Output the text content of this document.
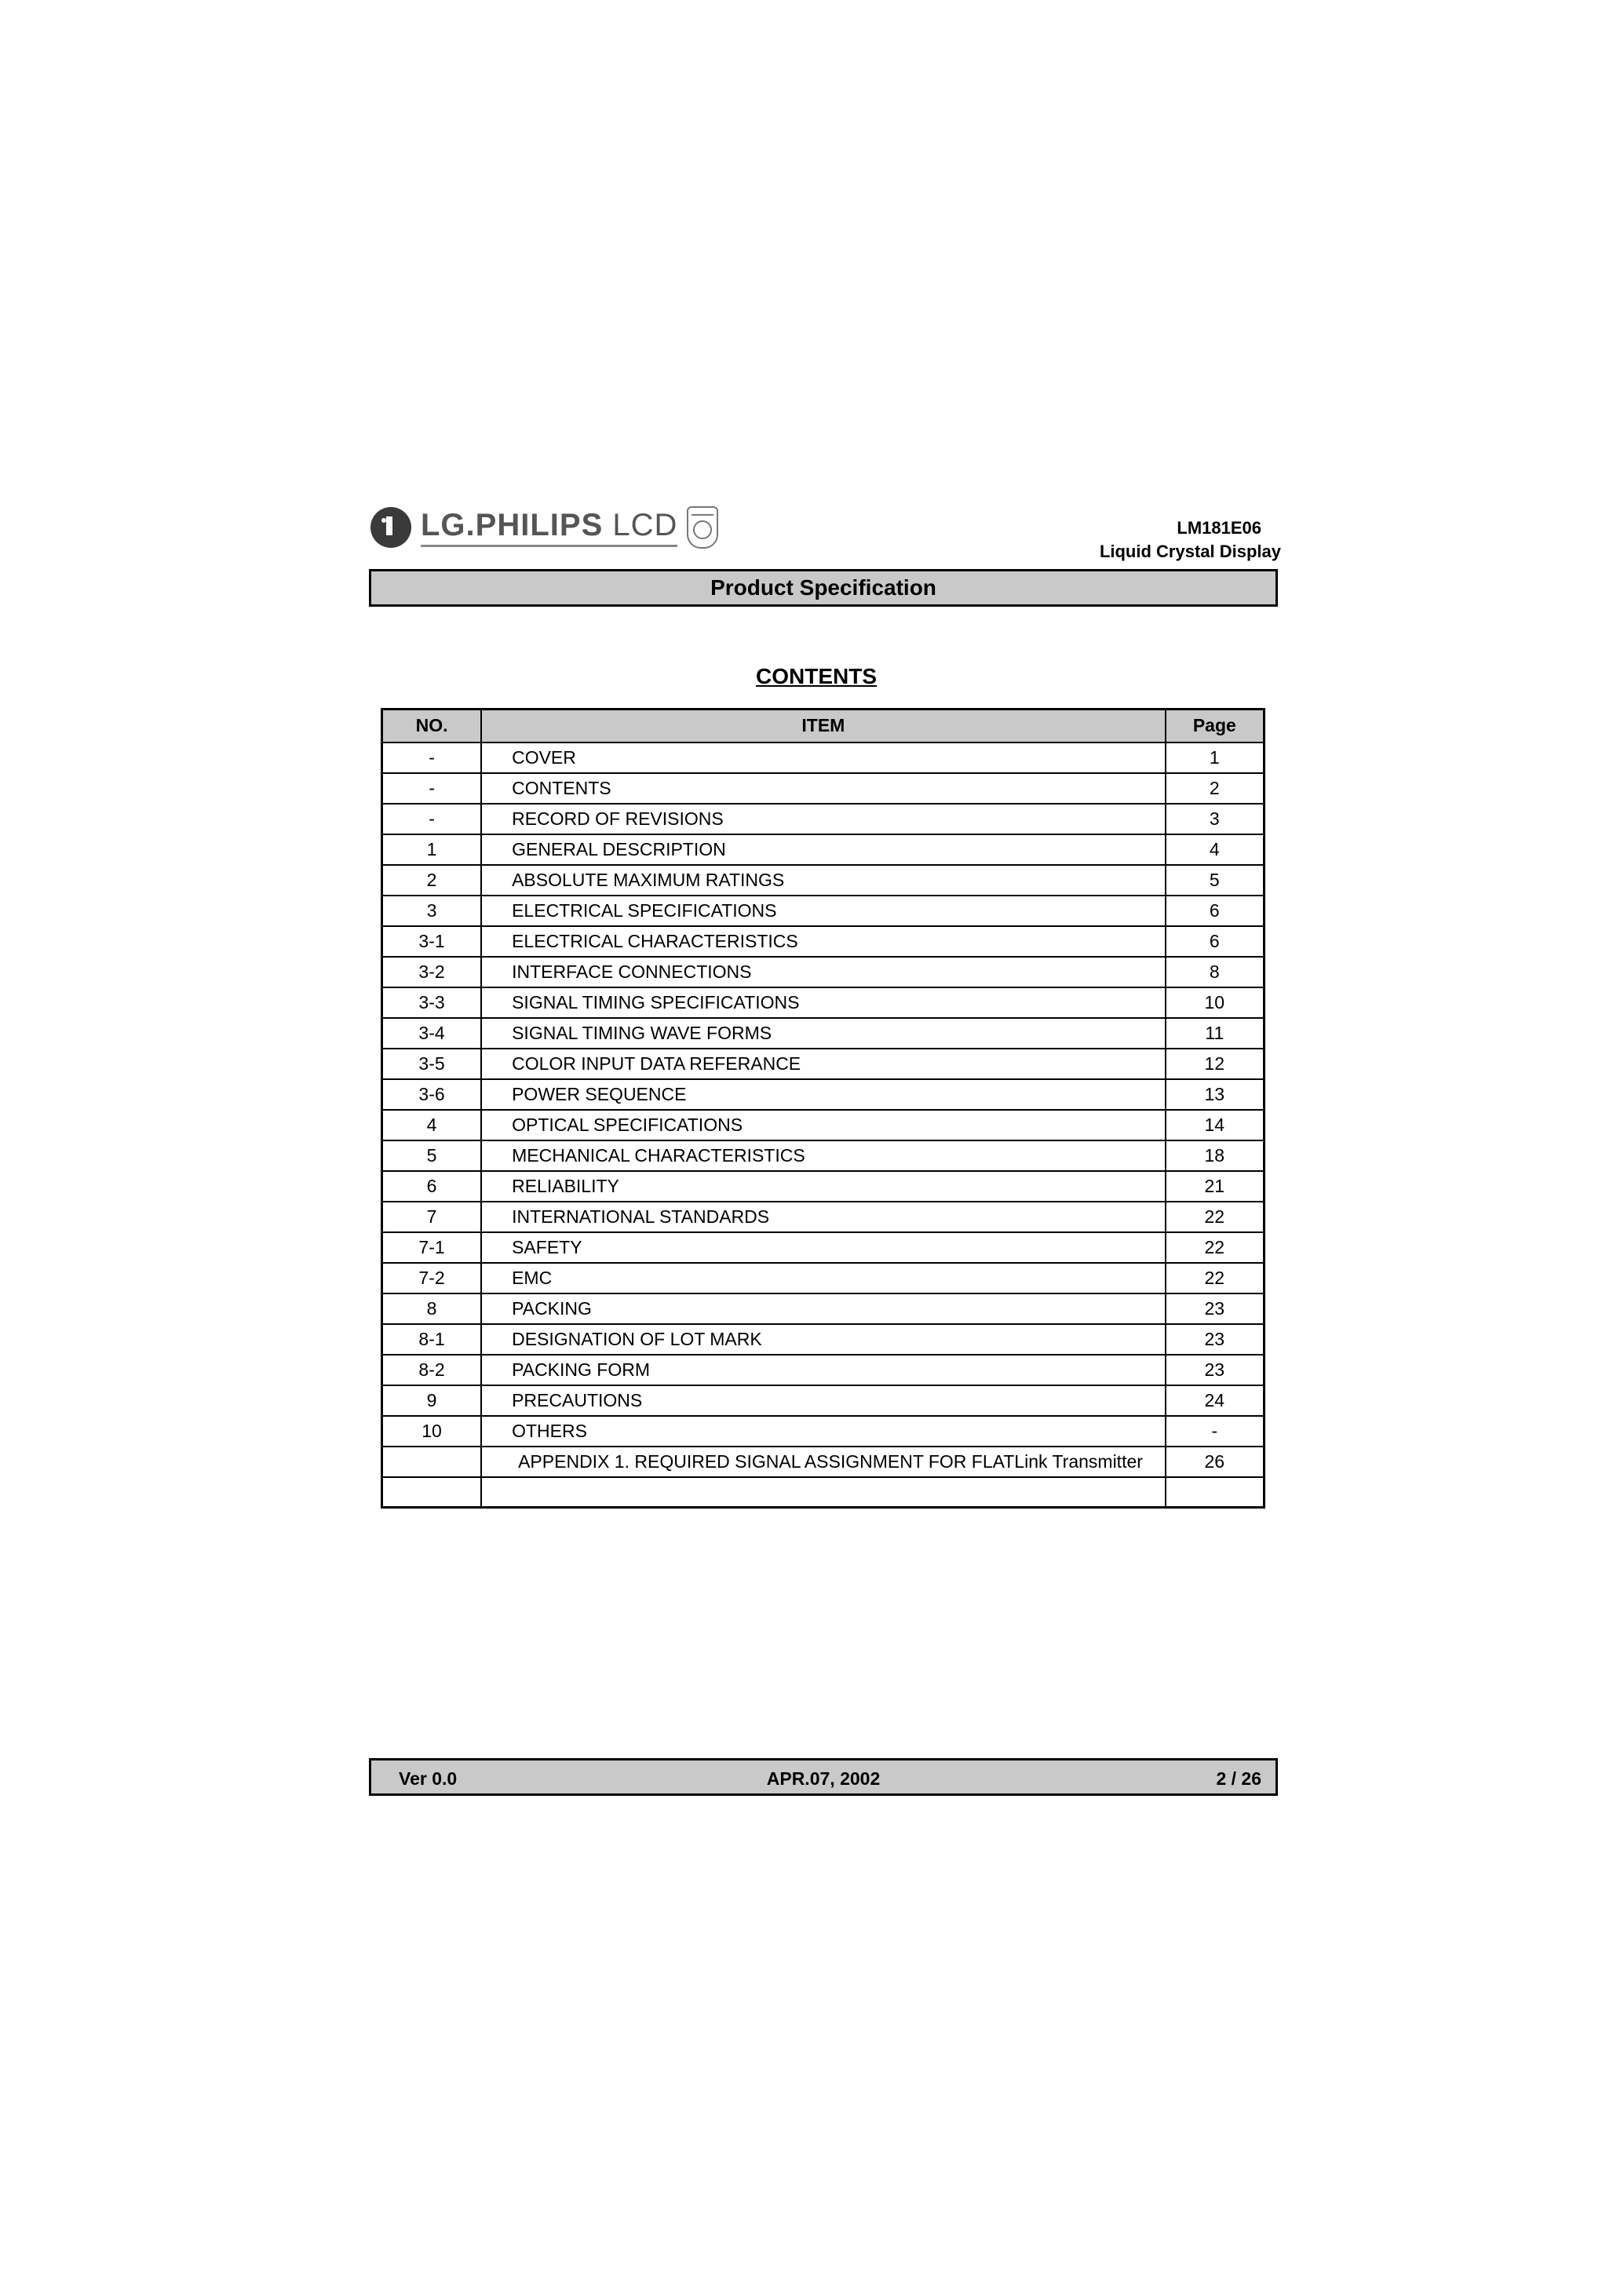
LG.PHILIPS LCD	LM181E06
Liquid Crystal Display
Product Specification
CONTENTS
NO.	ITEM	Page
-	COVER	1
-	CONTENTS	2
-	RECORD OF REVISIONS	3
1	GENERAL DESCRIPTION	4
2	ABSOLUTE MAXIMUM RATINGS	5
3	ELECTRICAL SPECIFICATIONS	6
3-1	ELECTRICAL CHARACTERISTICS	6
3-2	INTERFACE CONNECTIONS	8
3-3	SIGNAL TIMING SPECIFICATIONS	10
3-4	SIGNAL TIMING WAVE FORMS	11
3-5	COLOR INPUT DATA REFERANCE	12
3-6	POWER SEQUENCE	13
4	OPTICAL SPECIFICATIONS	14
5	MECHANICAL CHARACTERISTICS	18
6	RELIABILITY	21
7	INTERNATIONAL STANDARDS	22
7-1	SAFETY	22
7-2	EMC	22
8	PACKING	23
8-1	DESIGNATION OF LOT MARK	23
8-2	PACKING FORM	23
9	PRECAUTIONS	24
10	OTHERS	-
	APPENDIX 1. REQUIRED SIGNAL ASSIGNMENT FOR FLATLink Transmitter	26

Ver 0.0	APR.07, 2002	2 / 26
